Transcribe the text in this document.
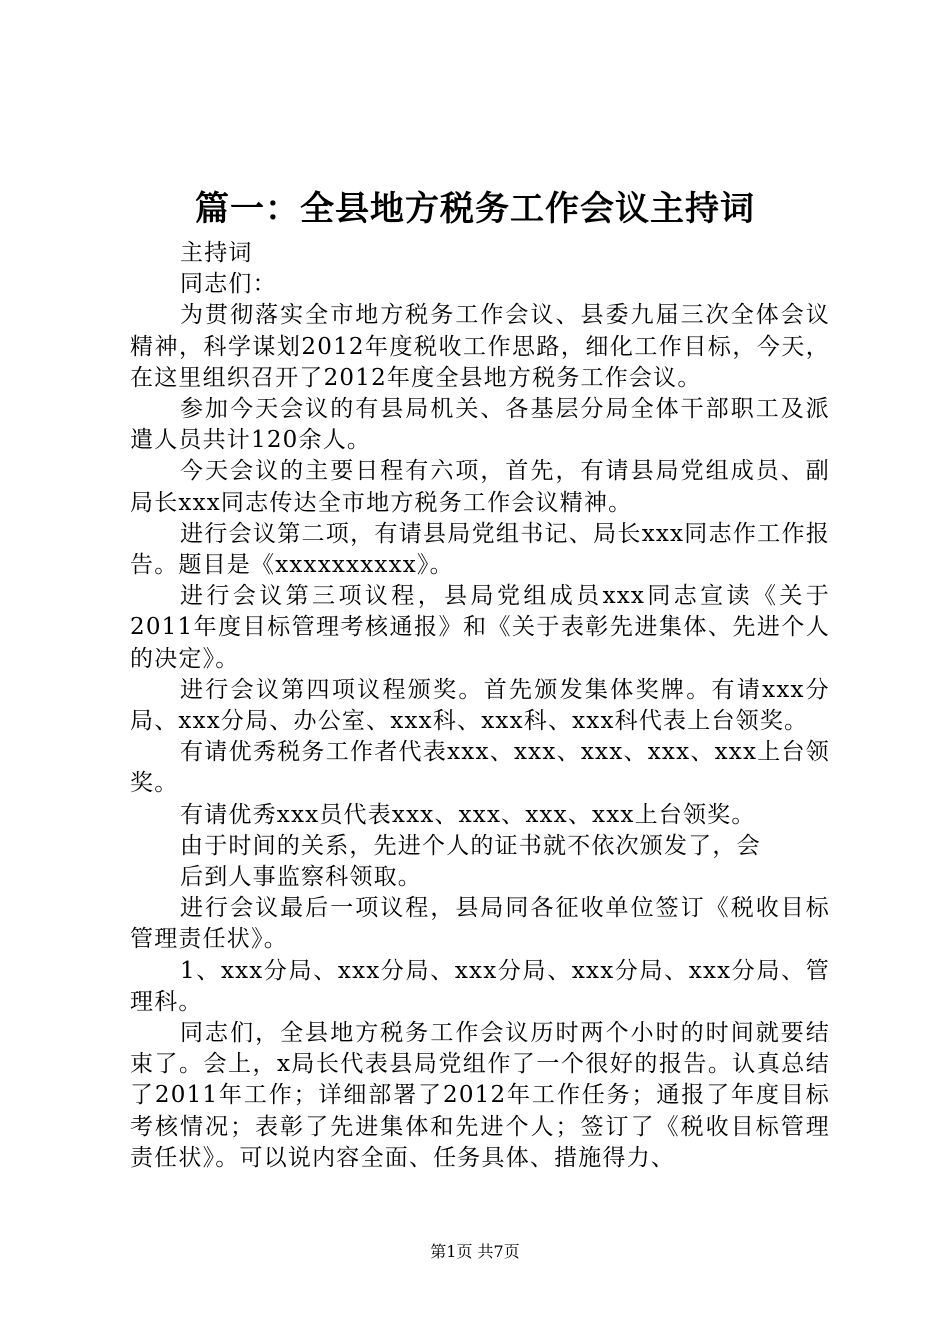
篇一：全县地方税务工作会议主持词

主持词

同志们：

为贯彻落实全市地方税务工作会议、县委九届三次全体会议精神，科学谋划2012年度税收工作思路，细化工作目标，今天，在这里组织召开了2012年度全县地方税务工作会议。

参加今天会议的有县局机关、各基层分局全体干部职工及派遣人员共计120余人。

今天会议的主要日程有六项，首先，有请县局党组成员、副局长xxx同志传达全市地方税务工作会议精神。

进行会议第二项，有请县局党组书记、局长xxx同志作工作报告。题目是《xxxxxxxxxx》。

进行会议第三项议程，县局党组成员xxx同志宣读《关于2011年度目标管理考核通报》和《关于表彰先进集体、先进个人的决定》。

进行会议第四项议程颁奖。首先颁发集体奖牌。有请xxx分局、xxx分局、办公室、xxx科、xxx科、xxx科代表上台领奖。

有请优秀税务工作者代表xxx、xxx、xxx、xxx、xxx上台领奖。

有请优秀xxx员代表xxx、xxx、xxx、xxx上台领奖。

由于时间的关系，先进个人的证书就不依次颁发了，会

后到人事监察科领取。

进行会议最后一项议程，县局同各征收单位签订《税收目标管理责任状》。

1、xxx分局、xxx分局、xxx分局、xxx分局、xxx分局、管理科。

同志们，全县地方税务工作会议历时两个小时的时间就要结束了。会上，x局长代表县局党组作了一个很好的报告。认真总结了2011年工作；详细部署了2012年工作任务；通报了年度目标考核情况；表彰了先进集体和先进个人；签订了《税收目标管理责任状》。可以说内容全面、任务具体、措施得力、

第1页 共7页
